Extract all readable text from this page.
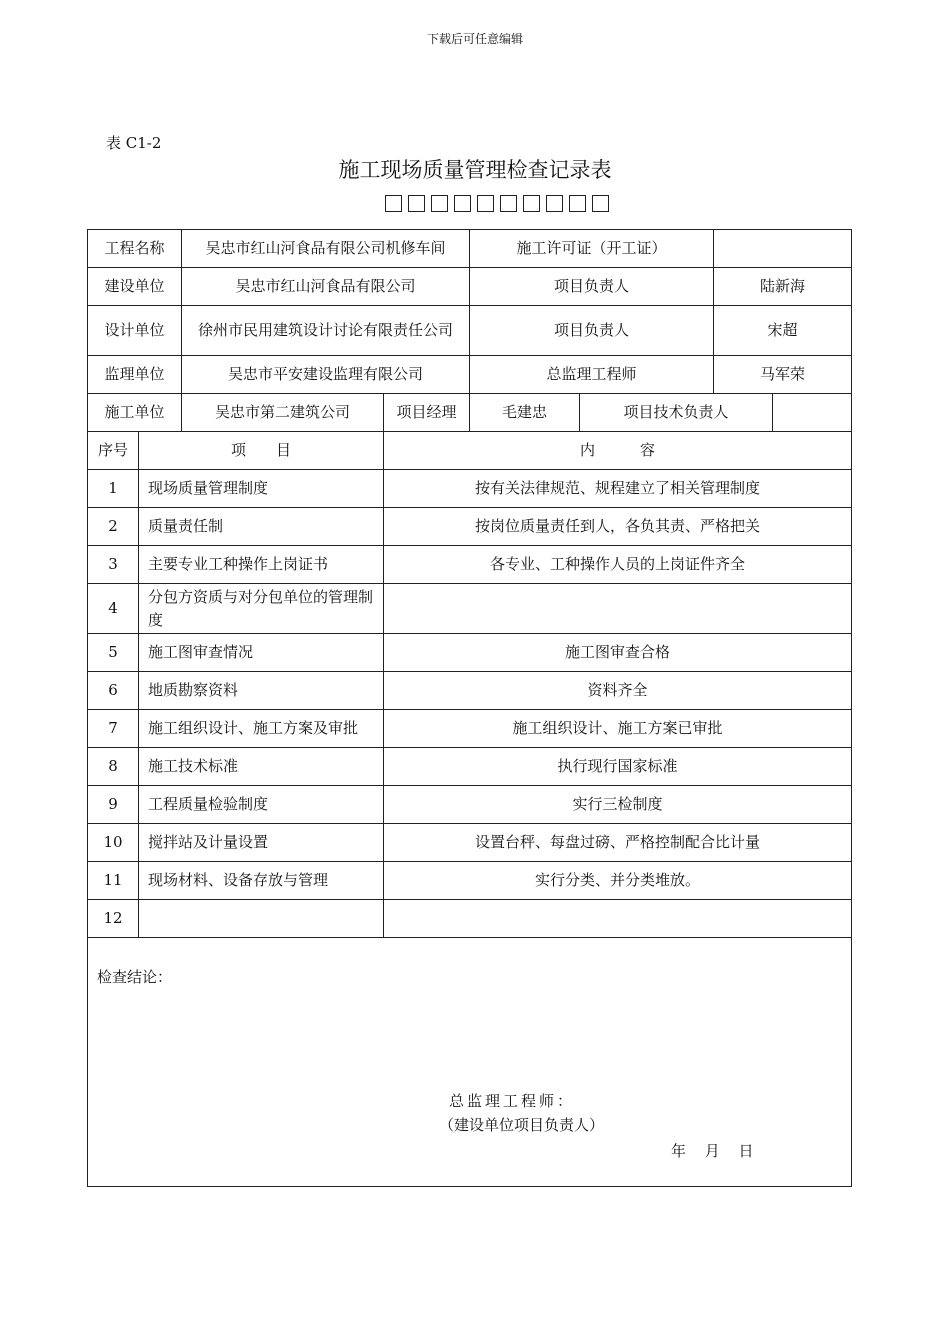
下载后可任意编辑
表 C1-2
施工现场质量管理检查记录表
工程名称		吴忠市红山河食品有限公司机修车间		施工许可证（开工证）			
建设单位		吴忠市红山河食品有限公司		项目负责人		陆新海	
设计单位		徐州市民用建筑设计讨论有限责任公司		项目负责人		宋超	
监理单位		吴忠市平安建设监理有限公司		总监理工程师		马军荣	
施工单位		吴忠市第二建筑公司	项目经理	毛建忠	项目技术负责人		
序号	项　　目		内　　　容				
1	现场质量管理制度		按有关法律规范、规程建立了相关管理制度				
2	质量责任制		按岗位质量责任到人，各负其责、严格把关				
3	主要专业工种操作上岗证书		各专业、工种操作人员的上岗证件齐全				
4	分包方资质与对分包单位的管理制度						
5	施工图审查情况		施工图审查合格				
6	地质勘察资料		资料齐全				
7	施工组织设计、施工方案及审批		施工组织设计、施工方案已审批				
8	施工技术标准		执行现行国家标准				
9	工程质量检验制度		实行三检制度				
10	搅拌站及计量设置		设置台秤、每盘过磅、严格控制配合比计量				
11	现场材料、设备存放与管理		实行分类、并分类堆放。				
12							

检查结论：
总监理工程师：
（建设单位项目负责人）
年 月 日							
